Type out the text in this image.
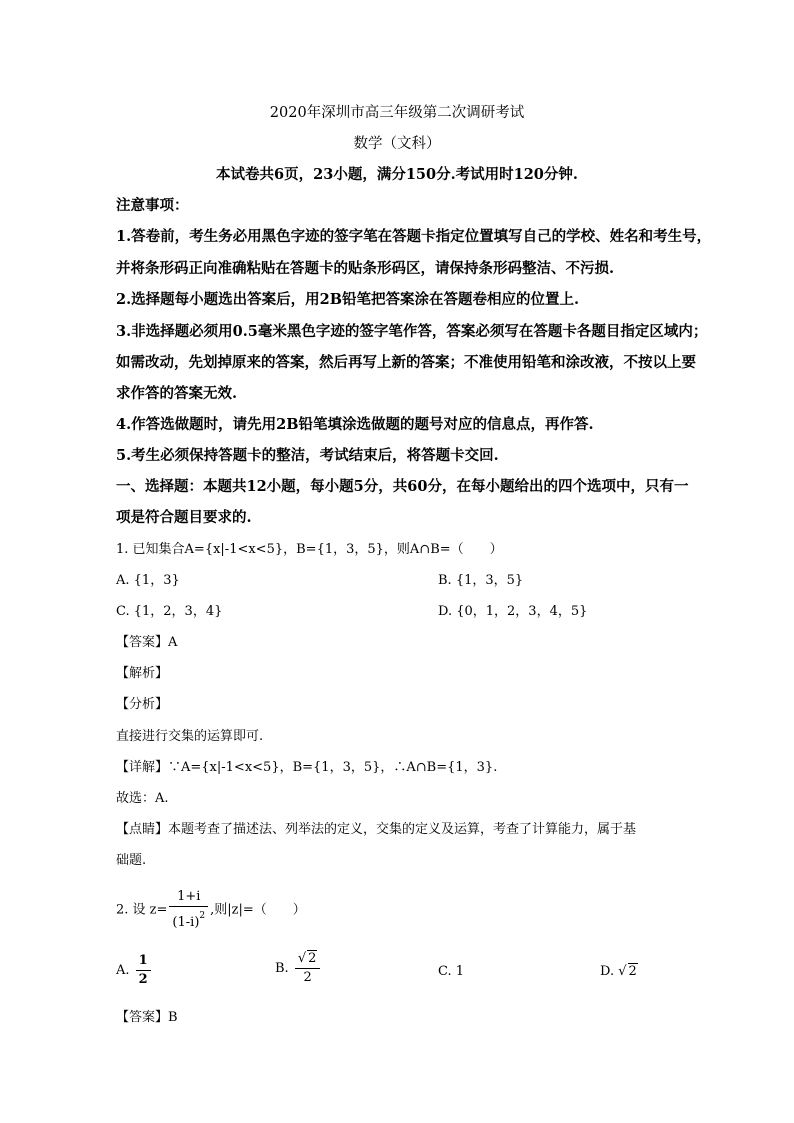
2020年深圳市高三年级第二次调研考试
数学（文科）
本试卷共6页，23小题，满分150分.考试用时120分钟.
注意事项：
1.答卷前，考生务必用黑色字迹的签字笔在答题卡指定位置填写自己的学校、姓名和考生号，
并将条形码正向准确粘贴在答题卡的贴条形码区，请保持条形码整洁、不污损.
2.选择题每小题选出答案后，用2B铅笔把答案涂在答题卷相应的位置上.
3.非选择题必须用0.5毫米黑色字迹的签字笔作答，答案必须写在答题卡各题目指定区域内；
如需改动，先划掉原来的答案，然后再写上新的答案；不准使用铅笔和涂改液，不按以上要
求作答的答案无效.
4.作答选做题时，请先用2B铅笔填涂选做题的题号对应的信息点，再作答.
5.考生必须保持答题卡的整洁，考试结束后，将答题卡交回.
一、选择题：本题共12小题，每小题5分，共60分，在每小题给出的四个选项中，只有一
项是符合题目要求的.
1. 已知集合A={x|-1<x<5}，B={1，3，5}，则A∩B=（　　）
A. {1，3}	B. {1，3，5}
C. {1，2，3，4}	D. {0，1，2，3，4，5}
【答案】A
【解析】
【分析】
直接进行交集的运算即可.
【详解】∵A={x|-1<x<5}，B={1，3，5}，∴A∩B={1，3}.
故选：A.
【点睛】本题考查了描述法、列举法的定义，交集的定义及运算，考查了计算能力，属于基
础题.
2. 设 $z= \frac{1+i}{(1-i)^2}$ ,则|z|=（　　）
A. $\frac{1}{2}$	B. $\frac{√ 2}{2}$	C. 1	D. √ 2
【答案】B
